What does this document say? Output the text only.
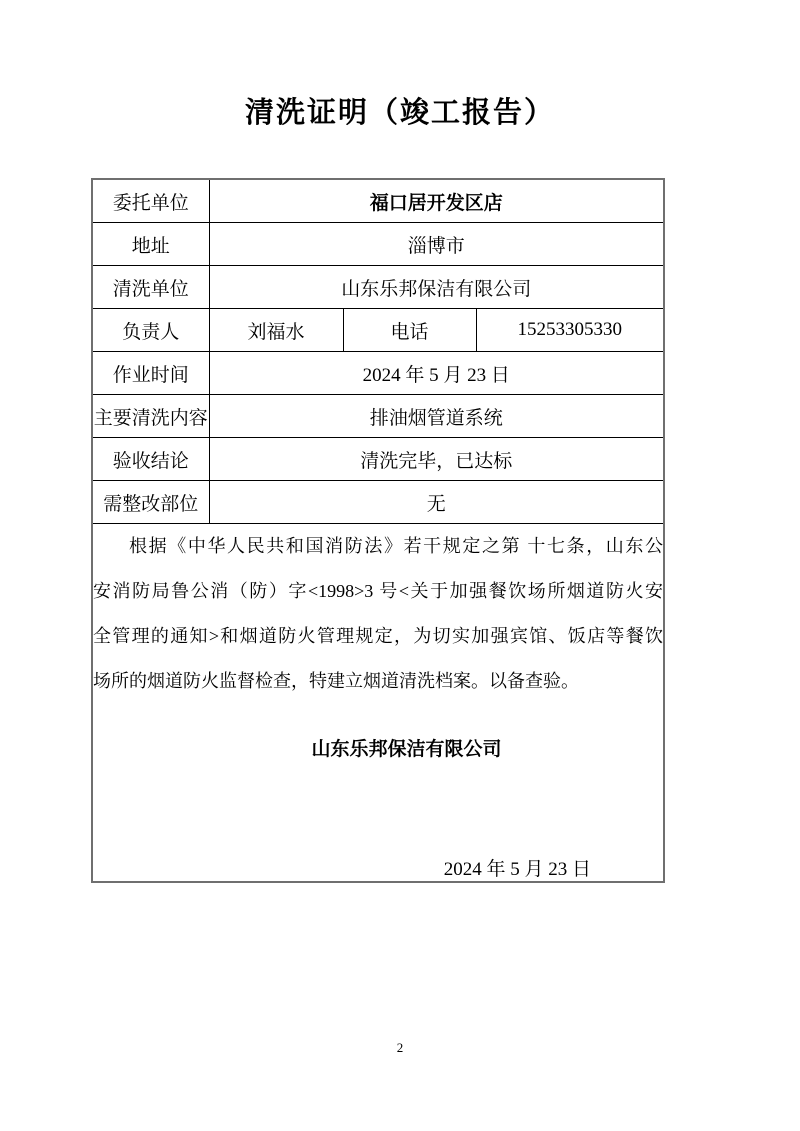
清洗证明（竣工报告）
委托单位	福口居开发区店		
地址	淄博市		
清洗单位	山东乐邦保洁有限公司		
负责人	刘福水	电话	15253305330
作业时间	2024 年 5 月 23 日		
主要清洗内容	排油烟管道系统		
验收结论	清洗完毕，已达标		
需整改部位	无		

根据《中华人民共和国消防法》若干规定之第 十七条，山东公
安消防局鲁公消（防）字<1998>3 号<关于加强餐饮场所烟道防火安
全管理的通知>和烟道防火管理规定，为切实加强宾馆、饭店等餐饮
场所的烟道防火监督检查，特建立烟道清洗档案。以备查验。
山东乐邦保洁有限公司
2024 年 5 月 23 日
2
